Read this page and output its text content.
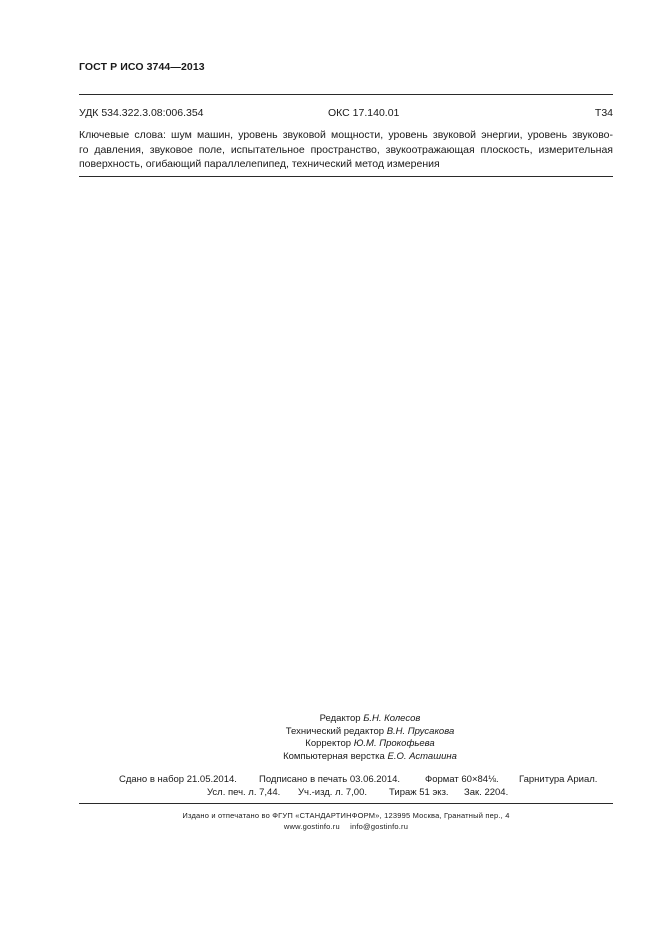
ГОСТ Р ИСО 3744—2013
УДК 534.322.3.08:006.354	ОКС 17.140.01	Т34
Ключевые слова: шум машин, уровень звуковой мощности, уровень звуковой энергии, уровень звуково-
го давления, звуковое поле, испытательное пространство, звукоотражающая плоскость, измерительная
поверхность, огибающий параллелепипед, технический метод измерения
Редактор Б.Н. Колесов
Технический редактор В.Н. Прусакова
Корректор Ю.М. Прокофьева
Компьютерная верстка Е.О. Асташина
Сдано в набор 21.05.2014. Подписано в печать 03.06.2014.	Формат 60×84⅛. Гарнитура Ариал.
Усл. печ. л. 7,44. Уч.-изд. л. 7,00. Тираж 51 экз. Зак. 2204.
Издано и отпечатано во ФГУП «СТАНДАРТИНФОРМ», 123995 Москва, Гранатный пер., 4
www.gostinfo.ru info@gostinfo.ru
